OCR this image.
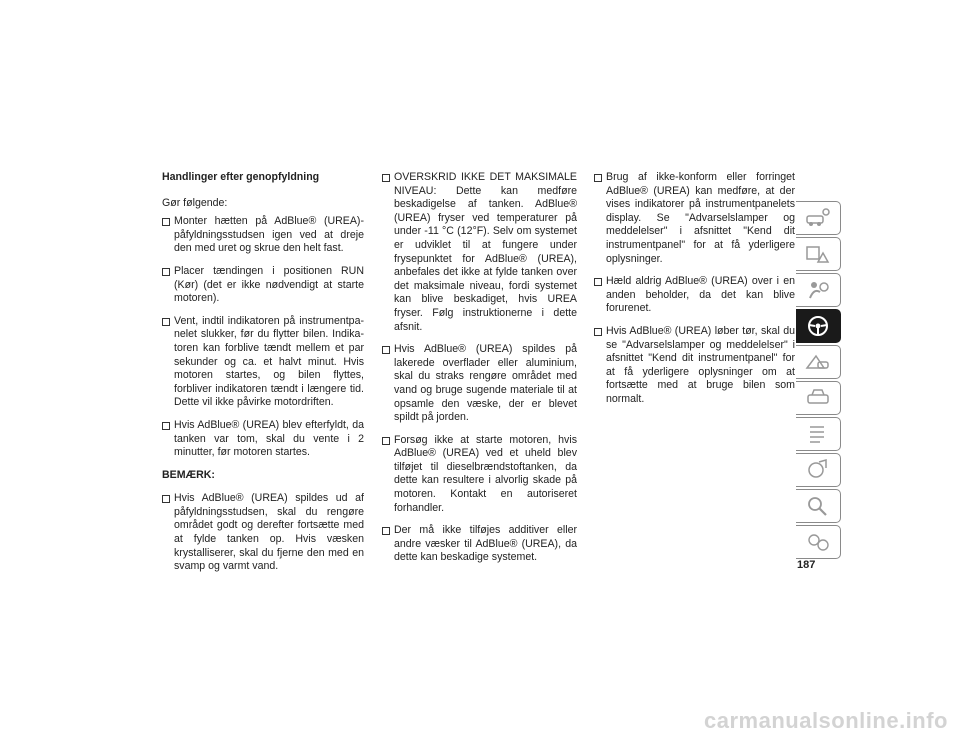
Handlinger efter genopfyldning
Gør følgende:
Monter hætten på AdBlue® (UREA)-påfyldningsstudsen igen ved at dreje den med uret og skrue den helt fast.
Placer tændingen i positionen RUN (Kør) (det er ikke nødvendigt at starte motoren).
Vent, indtil indikatoren på instrumentpanelet slukker, før du flytter bilen. Indikatoren kan forblive tændt mellem et par sekunder og ca. et halvt minut. Hvis motoren startes, og bilen flyttes, forbliver indikatoren tændt i længere tid. Dette vil ikke påvirke motordriften.
Hvis AdBlue® (UREA) blev efterfyldt, da tanken var tom, skal du vente i 2 minutter, før motoren startes.
BEMÆRK:
Hvis AdBlue® (UREA) spildes ud af påfyldningsstudsen, skal du rengøre området godt og derefter fortsætte med at fylde tanken op. Hvis væsken krystalliserer, skal du fjerne den med en svamp og varmt vand.
OVERSKRID IKKE DET MAKSIMALE NIVEAU: Dette kan medføre beskadigelse af tanken. AdBlue® (UREA) fryser ved temperaturer på under -11 °C (12°F). Selv om systemet er udviklet til at fungere under frysepunktet for AdBlue® (UREA), anbefales det ikke at fylde tanken over det maksimale niveau, fordi systemet kan blive beskadiget, hvis UREA fryser. Følg instruktionerne i dette afsnit.
Hvis AdBlue® (UREA) spildes på lakerede overflader eller aluminium, skal du straks rengøre området med vand og bruge sugende materiale til at opsamle den væske, der er blevet spildt på jorden.
Forsøg ikke at starte motoren, hvis AdBlue® (UREA) ved et uheld blev tilføjet til dieselbrændstoftanken, da dette kan resultere i alvorlig skade på motoren. Kontakt en autoriseret forhandler.
Der må ikke tilføjes additiver eller andre væsker til AdBlue® (UREA), da dette kan beskadige systemet.
Brug af ikke-konform eller forringet AdBlue® (UREA) kan medføre, at der vises indikatorer på instrumentpanelets display. Se "Advarselslamper og meddelelser" i afsnittet "Kend dit instrumentpanel" for at få yderligere oplysninger.
Hæld aldrig AdBlue® (UREA) over i en anden beholder, da det kan blive forurenet.
Hvis AdBlue® (UREA) løber tør, skal du se "Advarselslamper og meddelelser" i afsnittet "Kend dit instrumentpanel" for at få yderligere oplysninger om at fortsætte med at bruge bilen som normalt.
187
carmanualsonline.info
